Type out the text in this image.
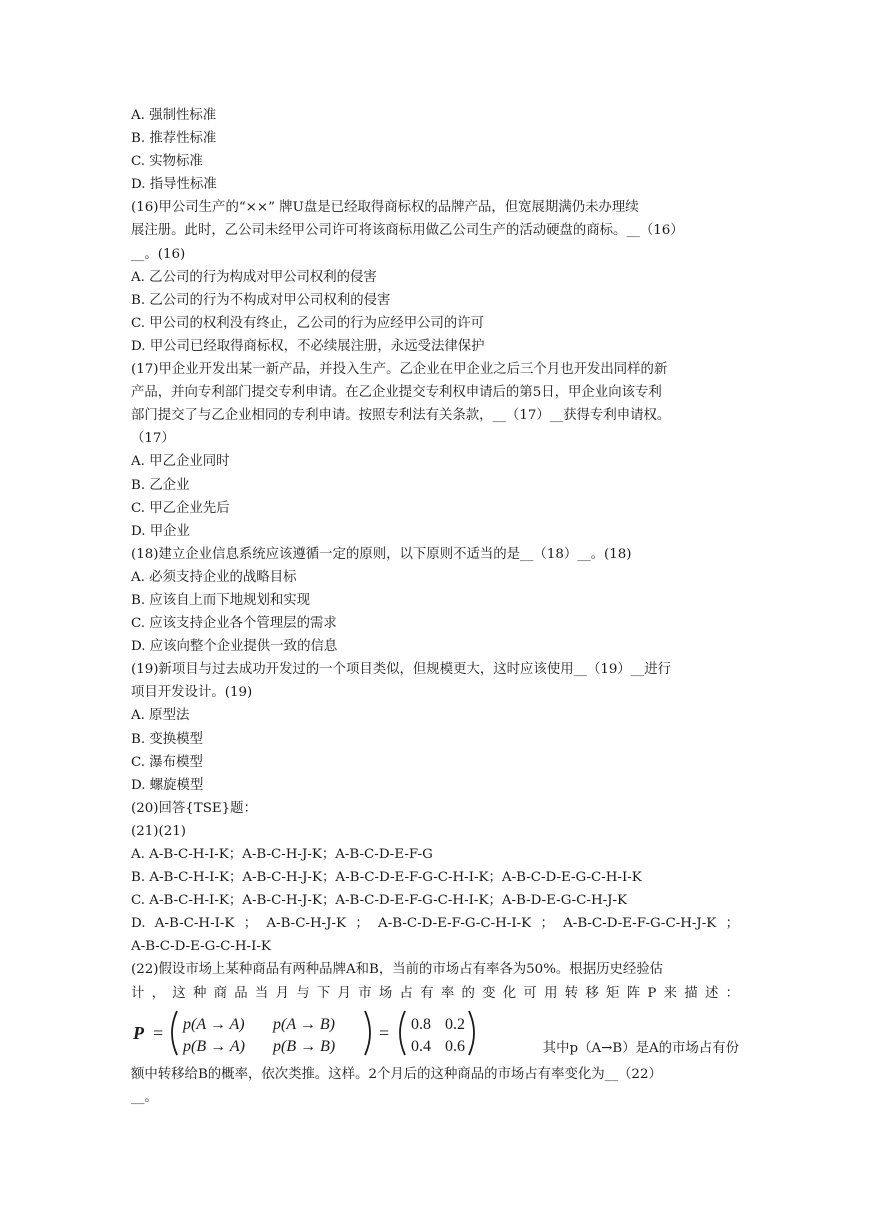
A. 强制性标准
B. 推荐性标准
C. 实物标准
D. 指导性标准
(16)甲公司生产的“××” 牌U盘是已经取得商标权的品牌产品，但宽展期满仍未办理续
展注册。此时，乙公司未经甲公司许可将该商标用做乙公司生产的活动硬盘的商标。__（16）
__。(16)
A. 乙公司的行为构成对甲公司权利的侵害
B. 乙公司的行为不构成对甲公司权利的侵害
C. 甲公司的权利没有终止，乙公司的行为应经甲公司的许可
D. 甲公司已经取得商标权，不必续展注册，永远受法律保护
(17)甲企业开发出某一新产品，并投入生产。乙企业在甲企业之后三个月也开发出同样的新
产品，并向专利部门提交专利申请。在乙企业提交专利权申请后的第5日，甲企业向该专利
部门提交了与乙企业相同的专利申请。按照专利法有关条款，__（17）__获得专利申请权。
（17）
A. 甲乙企业同时
B. 乙企业
C. 甲乙企业先后
D. 甲企业
(18)建立企业信息系统应该遵循一定的原则，以下原则不适当的是__（18）__。(18)
A. 必须支持企业的战略目标
B. 应该自上而下地规划和实现
C. 应该支持企业各个管理层的需求
D. 应该向整个企业提供一致的信息
(19)新项目与过去成功开发过的一个项目类似，但规模更大，这时应该使用__（19）__进行
项目开发设计。(19)
A. 原型法
B. 变换模型
C. 瀑布模型
D. 螺旋模型
(20)回答{TSE}题：
(21)(21)
A. A-B-C-H-I-K；A-B-C-H-J-K；A-B-C-D-E-F-G
B. A-B-C-H-I-K；A-B-C-H-J-K；A-B-C-D-E-F-G-C-H-I-K；A-B-C-D-E-G-C-H-I-K
C. A-B-C-H-I-K；A-B-C-H-J-K；A-B-C-D-E-F-G-C-H-I-K；A-B-D-E-G-C-H-J-K
D. A-B-C-H-I-K ； A-B-C-H-J-K ； A-B-C-D-E-F-G-C-H-I-K ； A-B-C-D-E-F-G-C-H-J-K ；
A-B-C-D-E-G-C-H-I-K
(22)假设市场上某种商品有两种品牌A和B，当前的市场占有率各为50%。根据历史经验估
计，这种商品当月与下月市场占有率的变化可用转移矩阵P来描述：
P = p(A → A) p(A → B)
p(B → A) p(B → B)
= 0.8 0.2
0.4 0.6	其中p（A→B）是A的市场占有份
额中转移给B的概率，依次类推。这样。2个月后的这种商品的市场占有率变化为__（22）
__。
